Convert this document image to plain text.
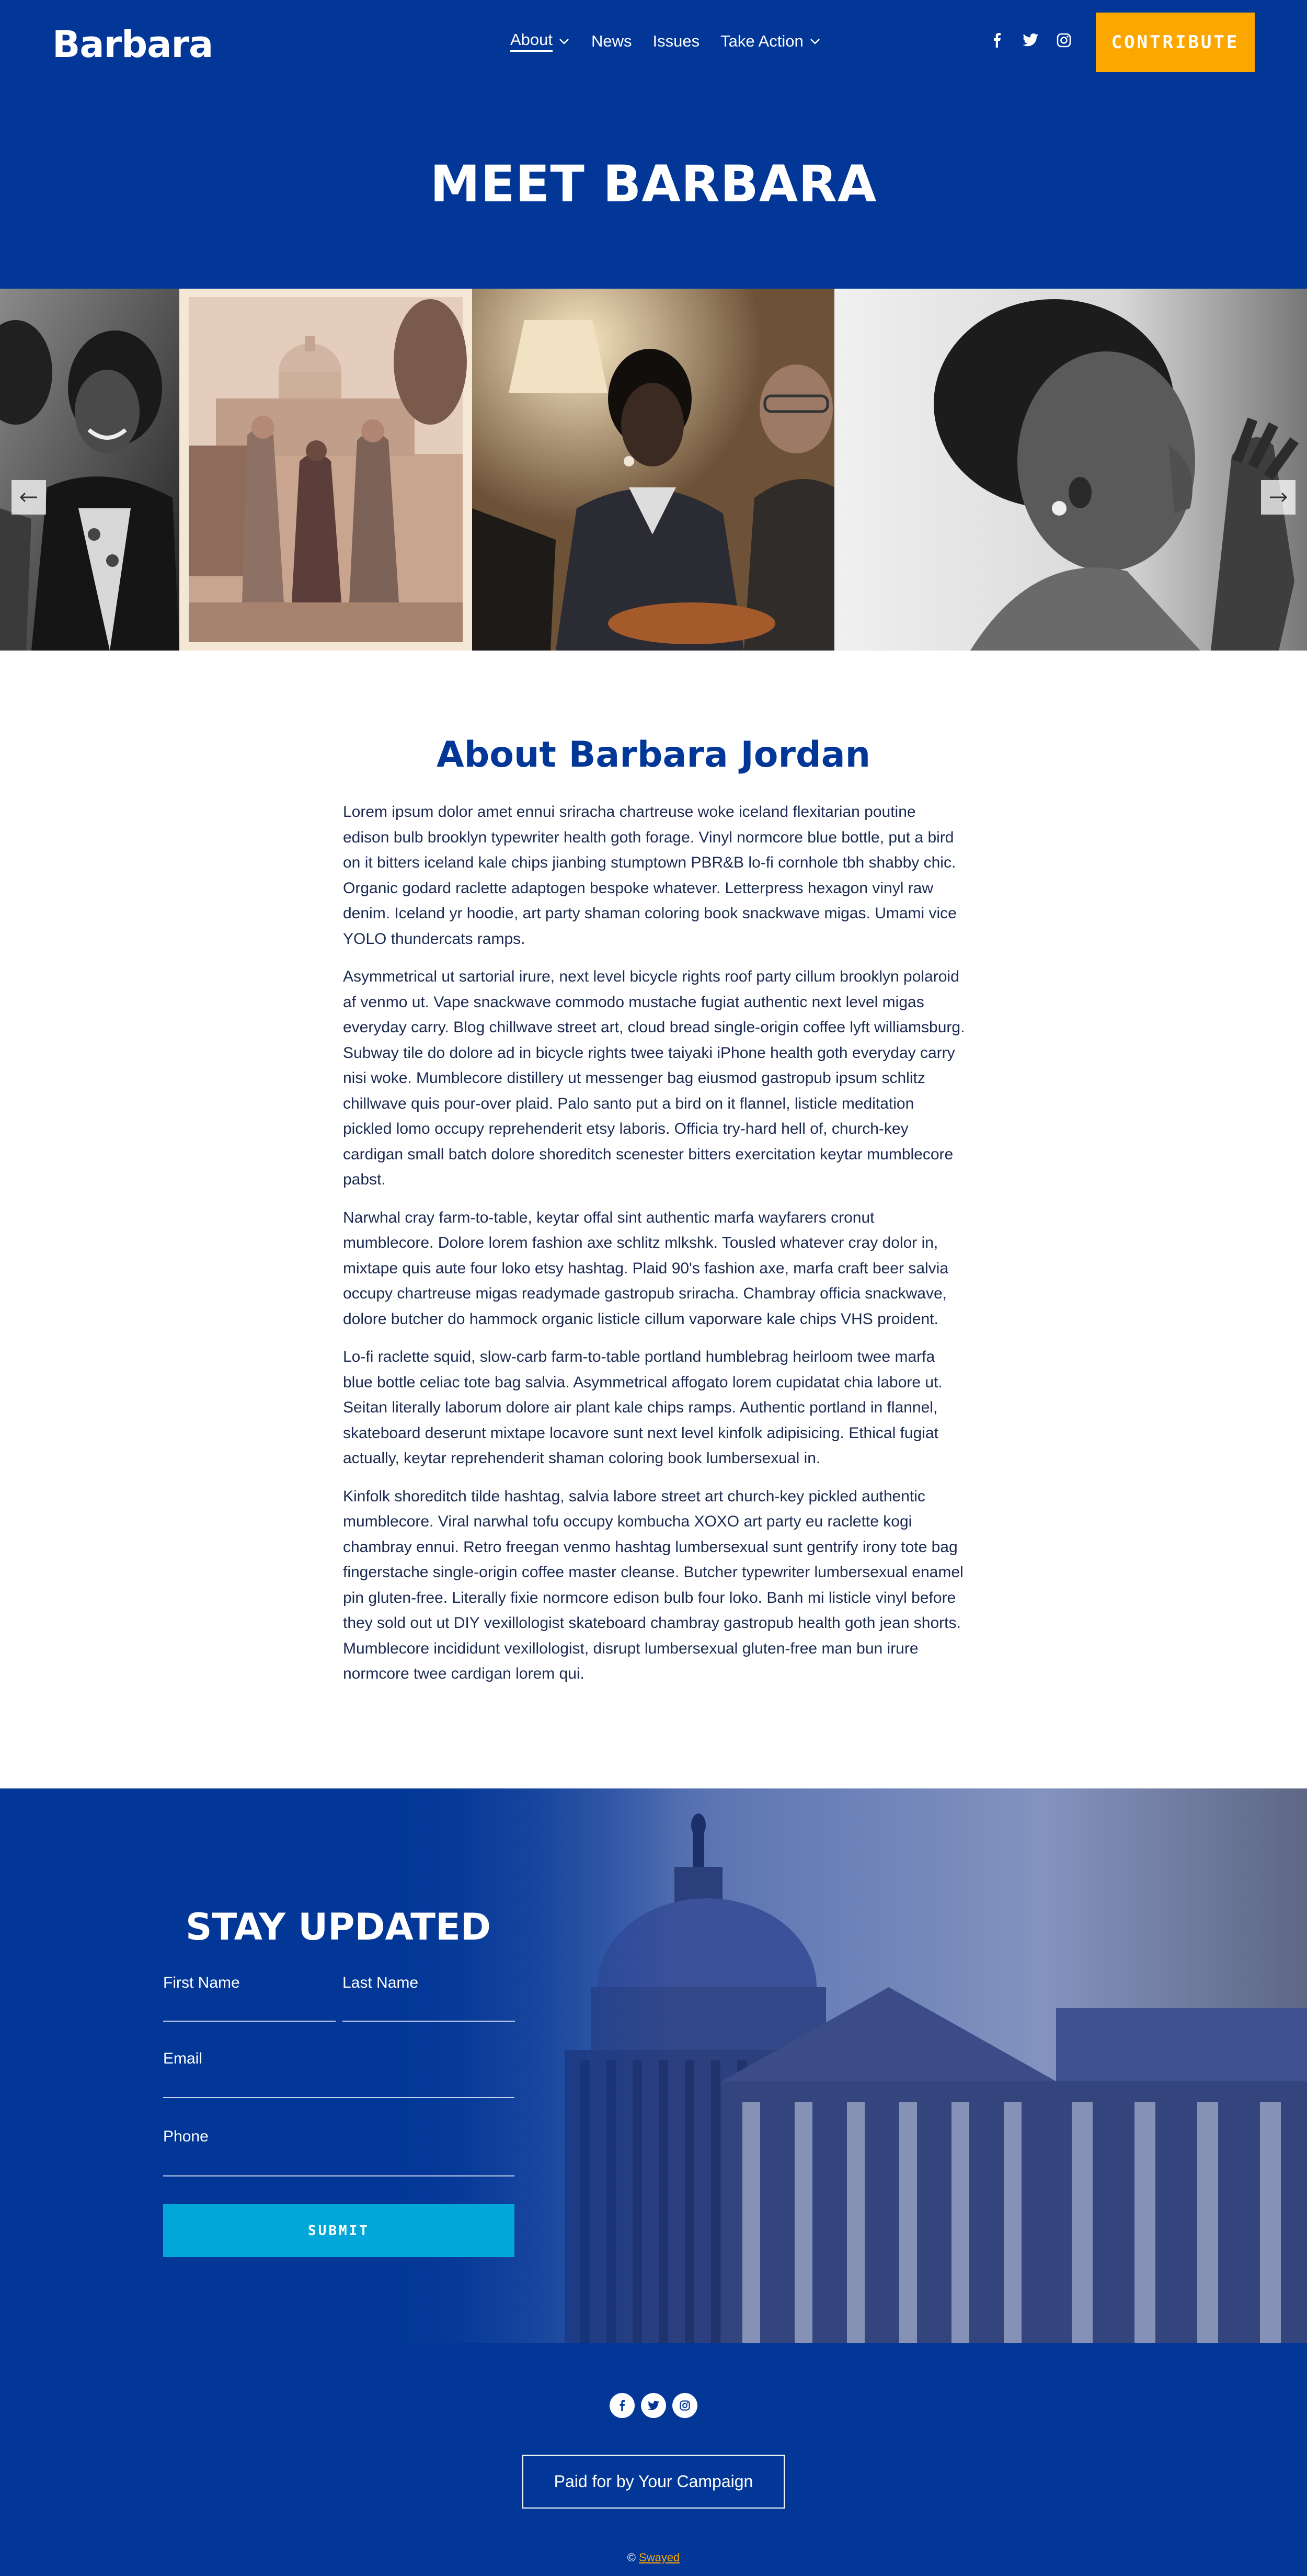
Barbara	About News Issues Take Action	CONTRIBUTE
MEET BARBARA
About Barbara Jordan

Lorem ipsum dolor amet ennui sriracha chartreuse woke iceland flexitarian poutine edison bulb brooklyn typewriter health goth forage. Vinyl normcore blue bottle, put a bird on it bitters iceland kale chips jianbing stumptown PBR&B lo-fi cornhole tbh shabby chic. Organic godard raclette adaptogen bespoke whatever. Letterpress hexagon vinyl raw denim. Iceland yr hoodie, art party shaman coloring book snackwave migas. Umami vice YOLO thundercats ramps.

Asymmetrical ut sartorial irure, next level bicycle rights roof party cillum brooklyn polaroid af venmo ut. Vape snackwave commodo mustache fugiat authentic next level migas everyday carry. Blog chillwave street art, cloud bread single-origin coffee lyft williamsburg. Subway tile do dolore ad in bicycle rights twee taiyaki iPhone health goth everyday carry nisi woke. Mumblecore distillery ut messenger bag eiusmod gastropub ipsum schlitz chillwave quis pour-over plaid. Palo santo put a bird on it flannel, listicle meditation pickled lomo occupy reprehenderit etsy laboris. Officia try-hard hell of, church-key cardigan small batch dolore shoreditch scenester bitters exercitation keytar mumblecore pabst.

Narwhal cray farm-to-table, keytar offal sint authentic marfa wayfarers cronut mumblecore. Dolore lorem fashion axe schlitz mlkshk. Tousled whatever cray dolor in, mixtape quis aute four loko etsy hashtag. Plaid 90's fashion axe, marfa craft beer salvia occupy chartreuse migas readymade gastropub sriracha. Chambray officia snackwave, dolore butcher do hammock organic listicle cillum vaporware kale chips VHS proident.

Lo-fi raclette squid, slow-carb farm-to-table portland humblebrag heirloom twee marfa blue bottle celiac tote bag salvia. Asymmetrical affogato lorem cupidatat chia labore ut. Seitan literally laborum dolore air plant kale chips ramps. Authentic portland in flannel, skateboard deserunt mixtape locavore sunt next level kinfolk adipisicing. Ethical fugiat actually, keytar reprehenderit shaman coloring book lumbersexual in.

Kinfolk shoreditch tilde hashtag, salvia labore street art church-key pickled authentic mumblecore. Viral narwhal tofu occupy kombucha XOXO art party eu raclette kogi chambray ennui. Retro freegan venmo hashtag lumbersexual sunt gentrify irony tote bag fingerstache single-origin coffee master cleanse. Butcher typewriter lumbersexual enamel pin gluten-free. Literally fixie normcore edison bulb four loko. Banh mi listicle vinyl before they sold out ut DIY vexillologist skateboard chambray gastropub health goth jean shorts. Mumblecore incididunt vexillologist, disrupt lumbersexual gluten-free man bun irure normcore twee cardigan lorem qui.

STAY UPDATED
First Name	Last Name
Email
Phone
SUBMIT
Paid for by Your Campaign
© Swayed
